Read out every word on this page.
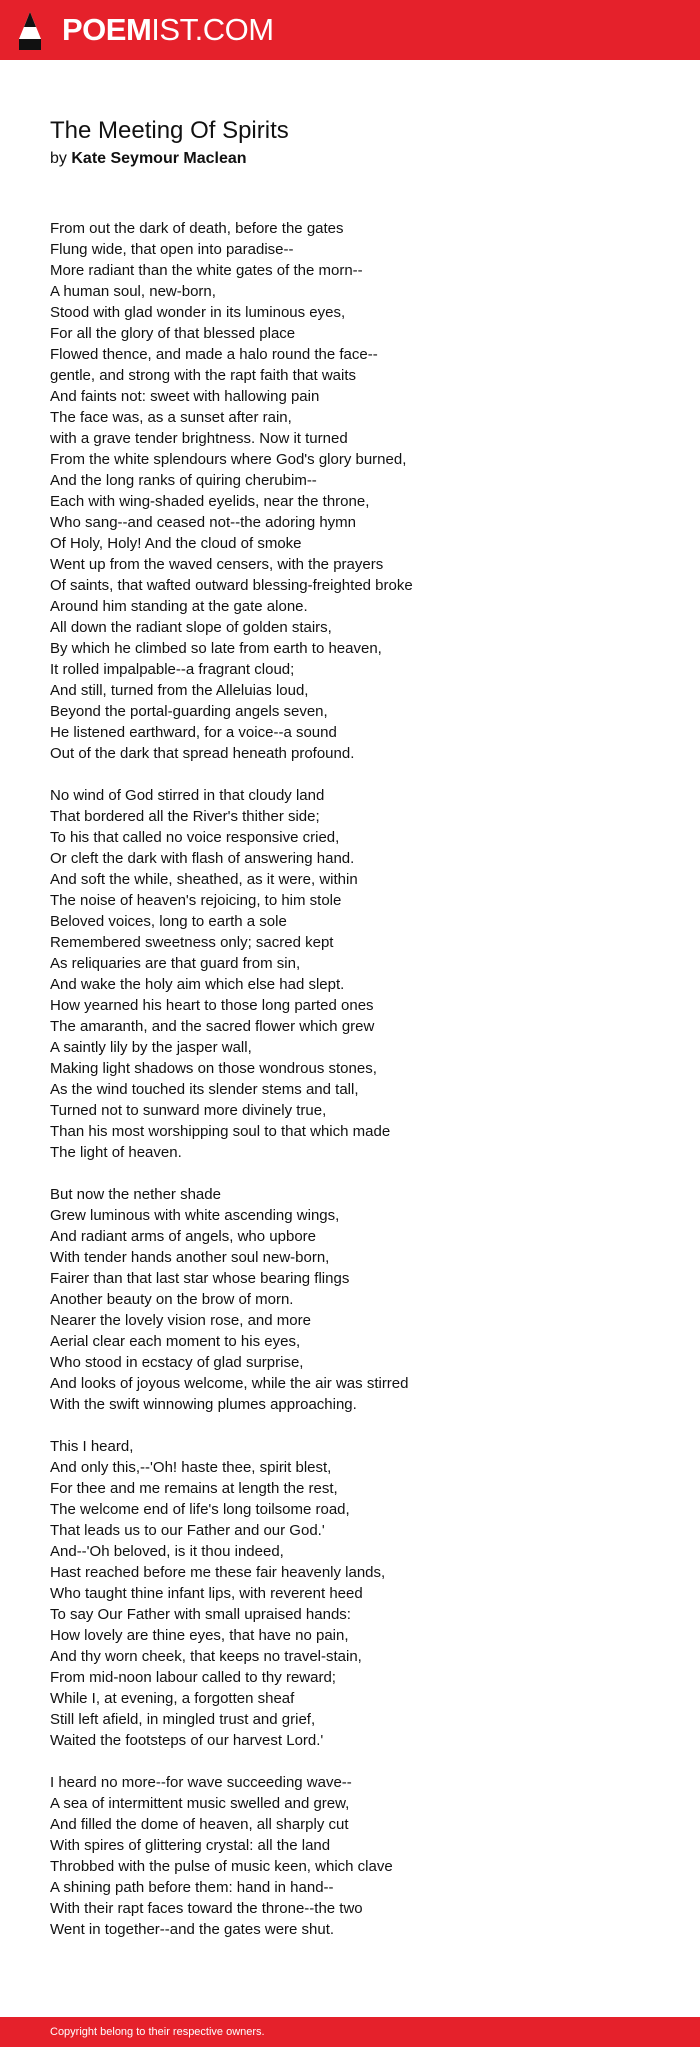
POEMIST.COM
The Meeting Of Spirits
by Kate Seymour Maclean
From out the dark of death, before the gates
Flung wide, that open into paradise--
More radiant than the white gates of the morn--
A human soul, new-born,
Stood with glad wonder in its luminous eyes,
For all the glory of that blessed place
Flowed thence, and made a halo round the face--
gentle, and strong with the rapt faith that waits
And faints not: sweet with hallowing pain
The face was, as a sunset after rain,
with a grave tender brightness. Now it turned
From the white splendours where God's glory burned,
And the long ranks of quiring cherubim--
Each with wing-shaded eyelids, near the throne,
Who sang--and ceased not--the adoring hymn
Of Holy, Holy! And the cloud of smoke
Went up from the waved censers, with the prayers
Of saints, that wafted outward blessing-freighted broke
Around him standing at the gate alone.
All down the radiant slope of golden stairs,
By which he climbed so late from earth to heaven,
It rolled impalpable--a fragrant cloud;
And still, turned from the Alleluias loud,
Beyond the portal-guarding angels seven,
He listened earthward, for a voice--a sound
Out of the dark that spread heneath profound.
No wind of God stirred in that cloudy land
That bordered all the River's thither side;
To his that called no voice responsive cried,
Or cleft the dark with flash of answering hand.
And soft the while, sheathed, as it were, within
The noise of heaven's rejoicing, to him stole
Beloved voices, long to earth a sole
Remembered sweetness only; sacred kept
As reliquaries are that guard from sin,
And wake the holy aim which else had slept.
How yearned his heart to those long parted ones
The amaranth, and the sacred flower which grew
A saintly lily by the jasper wall,
Making light shadows on those wondrous stones,
As the wind touched its slender stems and tall,
Turned not to sunward more divinely true,
Than his most worshipping soul to that which made
The light of heaven.
But now the nether shade
Grew luminous with white ascending wings,
And radiant arms of angels, who upbore
With tender hands another soul new-born,
Fairer than that last star whose bearing flings
Another beauty on the brow of morn.
Nearer the lovely vision rose, and more
Aerial clear each moment to his eyes,
Who stood in ecstacy of glad surprise,
And looks of joyous welcome, while the air was stirred
With the swift winnowing plumes approaching.
This I heard,
And only this,--'Oh! haste thee, spirit blest,
For thee and me remains at length the rest,
The welcome end of life's long toilsome road,
That leads us to our Father and our God.'
And--'Oh beloved, is it thou indeed,
Hast reached before me these fair heavenly lands,
Who taught thine infant lips, with reverent heed
To say Our Father with small upraised hands:
How lovely are thine eyes, that have no pain,
And thy worn cheek, that keeps no travel-stain,
From mid-noon labour called to thy reward;
While I, at evening, a forgotten sheaf
Still left afield, in mingled trust and grief,
Waited the footsteps of our harvest Lord.'
I heard no more--for wave succeeding wave--
A sea of intermittent music swelled and grew,
And filled the dome of heaven, all sharply cut
With spires of glittering crystal: all the land
Throbbed with the pulse of music keen, which clave
A shining path before them: hand in hand--
With their rapt faces toward the throne--the two
Went in together--and the gates were shut.
Copyright belong to their respective owners.
